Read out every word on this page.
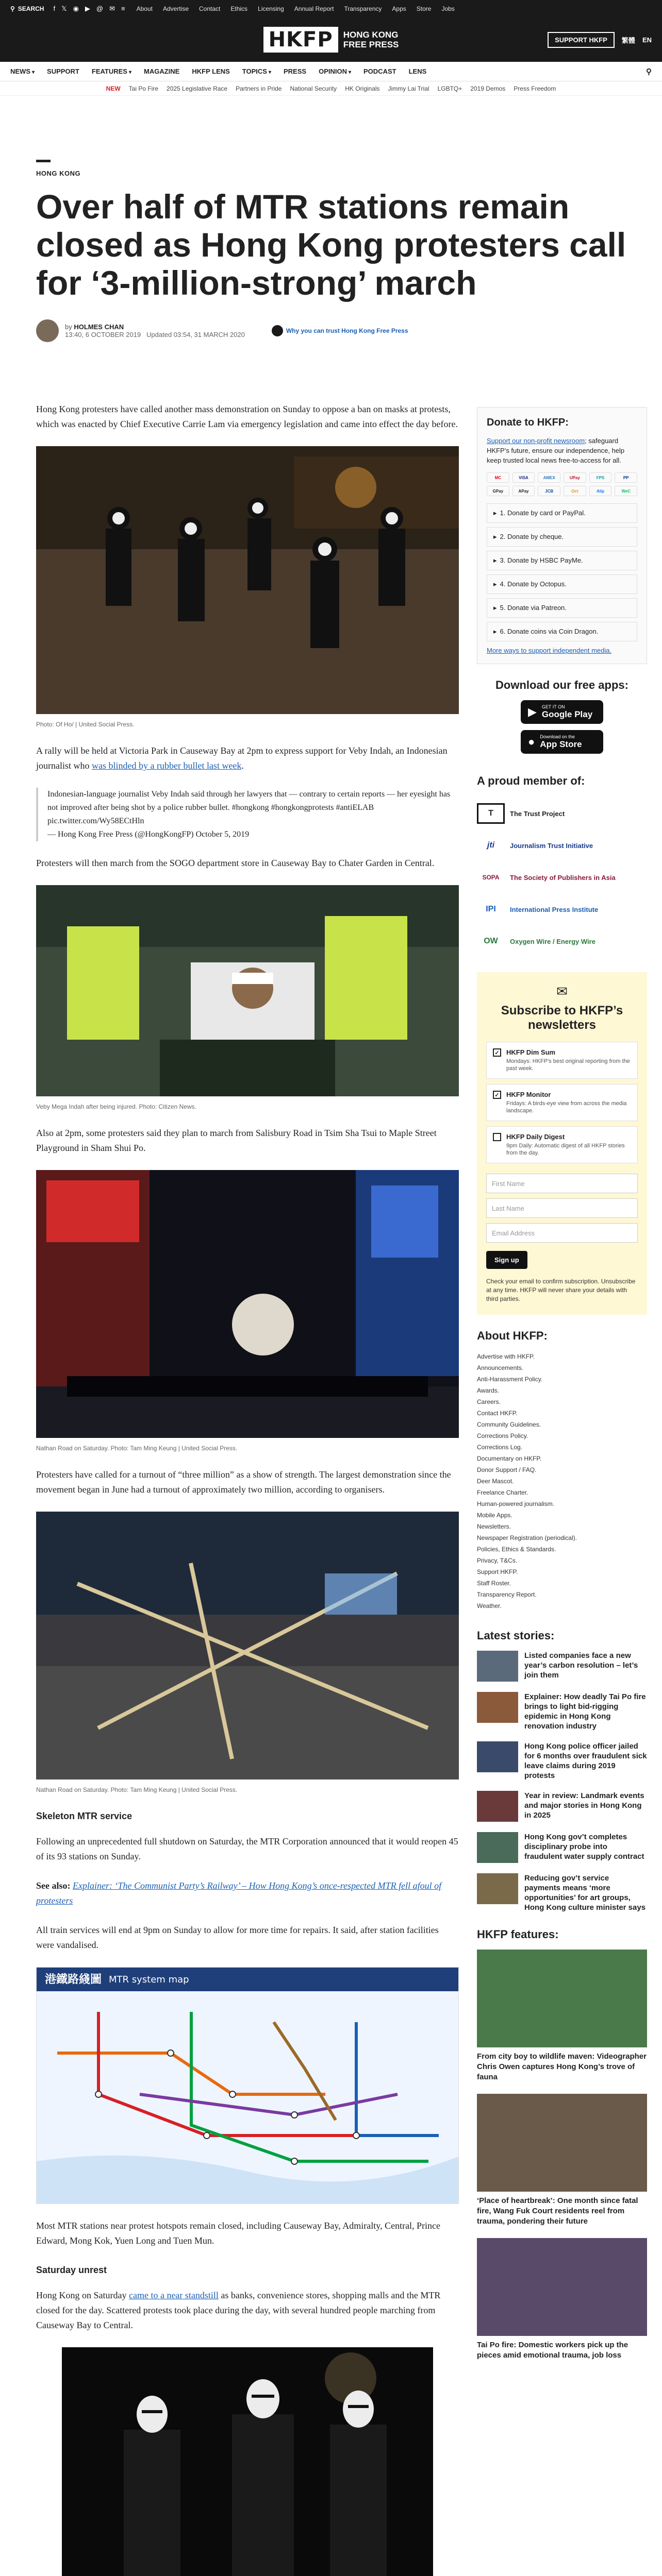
⚲ SEARCH f 𝕏 ◉ ▶ @ ✉ ≡ About Advertise Contact Ethics Licensing Annual Report Transparency Apps Store Jobs
HKFP	HONG KONG
FREE PRESS	SUPPORT HKFP	繁體 EN
NEWS ▾ SUPPORT FEATURES ▾ MAGAZINE HKFP LENS TOPICS ▾ PRESS OPINION ▾ PODCAST LENS	⚲
NEW Tai Po Fire 2025 Legislative Race Partners in Pride National Security HK Originals Jimmy Lai Trial LGBTQ+ 2019 Demos Press Freedom
HONG KONG
Over half of MTR stations remain closed as Hong Kong protesters call for ‘3-million-strong’ march
by HOLMES CHAN
13:40, 6 OCTOBER 2019 Updated 03:54, 31 MARCH 2020	Why you can trust Hong Kong Free Press

Hong Kong protesters have called another mass demonstration on Sunday to oppose a ban on masks at protests, which was enacted by Chief Executive Carrie Lam via emergency legislation and came into effect the day before.

Photo: Of Ho/ | United Social Press.

A rally will be held at Victoria Park in Causeway Bay at 2pm to express support for Veby Indah, an Indonesian journalist who was blinded by a rubber bullet last week.

Indonesian-language journalist Veby Indah said through her lawyers that — contrary to certain reports — her eyesight has not improved after being shot by a police rubber bullet. #hongkong #hongkongprotests #antiELAB pic.twitter.com/Wy58ECtHln
— Hong Kong Free Press (@HongKongFP) October 5, 2019

Protesters will then march from the SOGO department store in Causeway Bay to Chater Garden in Central.

Veby Mega Indah after being injured. Photo: Citizen News.

Also at 2pm, some protesters said they plan to march from Salisbury Road in Tsim Sha Tsui to Maple Street Playground in Sham Shui Po.

Nathan Road on Saturday. Photo: Tam Ming Keung | United Social Press.

Protesters have called for a turnout of “three million” as a show of strength. The largest demonstration since the movement began in June had a turnout of approximately two million, according to organisers.

Nathan Road on Saturday. Photo: Tam Ming Keung | United Social Press.
Skeleton MTR service

Following an unprecedented full shutdown on Saturday, the MTR Corporation announced that it would reopen 45 of its 93 stations on Sunday.

See also: Explainer: ‘The Communist Party’s Railway’ – How Hong Kong’s once-respected MTR fell afoul of protesters

All train services will end at 9pm on Sunday to allow for more time for repairs. It said, after station facilities were vandalised.

港鐵路綫圖 MTR system map

Most MTR stations near protest hotspots remain closed, including Causeway Bay, Admiralty, Central, Prince Edward, Mong Kok, Yuen Long and Tuen Mun.

Saturday unrest

Hong Kong on Saturday came to a near standstill as banks, convenience stores, shopping malls and the MTR closed for the day. Scattered protests took place during the day, with several hundred people marching from Causeway Bay to Central.

Donate to HKFP:
Support our non-profit newsroom; safeguard HKFP’s future, ensure our independence, help keep trusted local news free-to-access for all.
MC	VISA	AMEX	UPay	FPS	PP
GPay	APay	JCB	Oct	Alip	WeC
▸ 1. Donate by card or PayPal.
▸ 2. Donate by cheque.
▸ 3. Donate by HSBC PayMe.
▸ 4. Donate by Octopus.
▸ 5. Donate via Patreon.
▸ 6. Donate coins via Coin Dragon.
More ways to support independent media.
Download our free apps:
▶ GET IT ON
Google Play
● Download on the
App Store
A proud member of:
T	The Trust Project
jti	Journalism Trust Initiative
SOPA	The Society of Publishers in Asia
IPI	International Press Institute
OW	Oxygen Wire / Energy Wire
✉
Subscribe to HKFP’s newsletters
✓ HKFP Dim Sum
Mondays: HKFP's best original reporting from the past week.
✓ HKFP Monitor
Fridays: A birds-eye view from across the media landscape.
HKFP Daily Digest
9pm Daily: Automatic digest of all HKFP stories from the day.
First Name
Last Name
Email Address
Sign up
Check your email to confirm subscription. Unsubscribe at any time. HKFP will never share your details with third parties.
About HKFP:
Advertise with HKFP.
Announcements.
Anti-Harassment Policy.
Awards.
Careers.
Contact HKFP.
Community Guidelines.
Corrections Policy.
Corrections Log.
Documentary on HKFP.
Donor Support / FAQ.
Deer Mascot.
Freelance Charter.
Human-powered journalism.
Mobile Apps.
Newsletters.
Newspaper Registration (periodical).
Policies, Ethics & Standards.
Privacy, T&Cs.
Support HKFP.
Staff Roster.
Transparency Report.
Weather.
Latest stories:
Listed companies face a new year’s carbon resolution – let’s join them
Explainer: How deadly Tai Po fire brings to light bid-rigging epidemic in Hong Kong renovation industry
Hong Kong police officer jailed for 6 months over fraudulent sick leave claims during 2019 protests
Year in review: Landmark events and major stories in Hong Kong in 2025
Hong Kong gov’t completes disciplinary probe into fraudulent water supply contract
Reducing gov’t service payments means ‘more opportunities’ for art groups, Hong Kong culture minister says
HKFP features:
From city boy to wildlife maven: Videographer Chris Owen captures Hong Kong’s trove of fauna
‘Place of heartbreak’: One month since fatal fire, Wang Fuk Court residents reel from trauma, pondering their future
Tai Po fire: Domestic workers pick up the pieces amid emotional trauma, job loss
